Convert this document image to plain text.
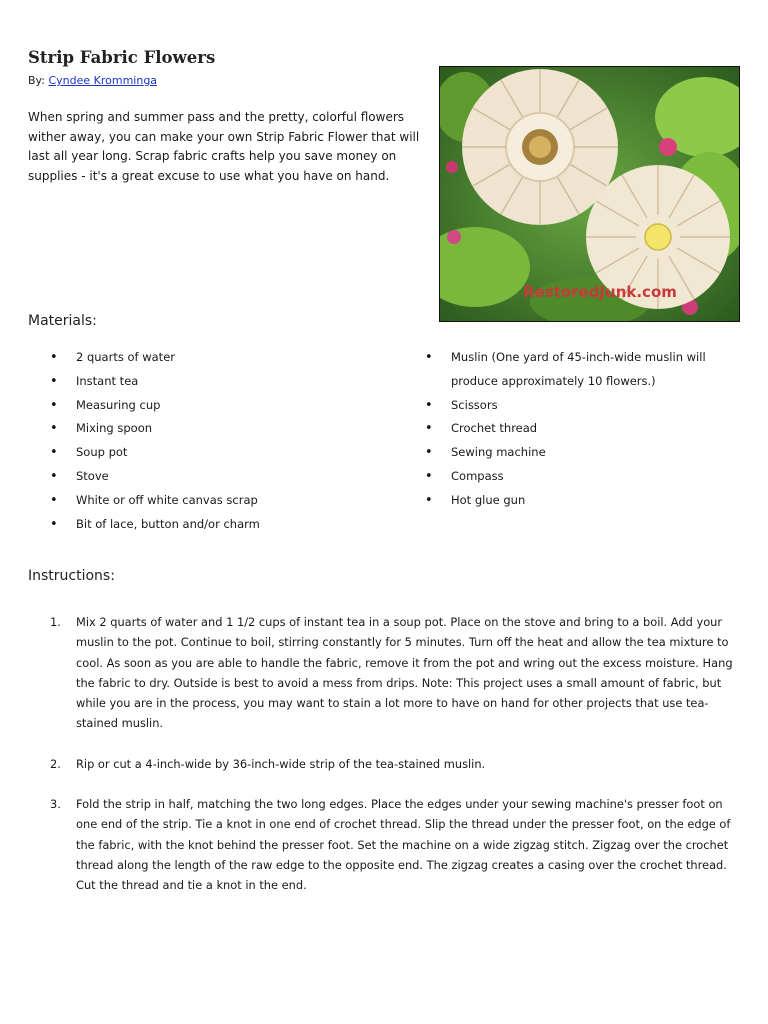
Strip Fabric Flowers
By: Cyndee Kromminga

When spring and summer pass and the pretty, colorful flowers wither away, you can make your own Strip Fabric Flower that will last all year long. Scrap fabric crafts help you save money on supplies - it's a great excuse to use what you have on hand.

RestoredJunk.com
Materials:
• 2 quarts of water
• Instant tea
• Measuring cup
• Mixing spoon
• Soup pot
• Stove
• White or off white canvas scrap
• Bit of lace, button and/or charm
• Muslin (One yard of 45-inch-wide muslin will produce approximately 10 flowers.)
• Scissors
• Crochet thread
• Sewing machine
• Compass
• Hot glue gun
Instructions:
1. Mix 2 quarts of water and 1 1/2 cups of instant tea in a soup pot. Place on the stove and bring to a boil. Add your muslin to the pot. Continue to boil, stirring constantly for 5 minutes. Turn off the heat and allow the tea mixture to cool. As soon as you are able to handle the fabric, remove it from the pot and wring out the excess moisture. Hang the fabric to dry. Outside is best to avoid a mess from drips. Note: This project uses a small amount of fabric, but while you are in the process, you may want to stain a lot more to have on hand for other projects that use tea-stained muslin.
2. Rip or cut a 4-inch-wide by 36-inch-wide strip of the tea-stained muslin.
3. Fold the strip in half, matching the two long edges. Place the edges under your sewing machine's presser foot on one end of the strip. Tie a knot in one end of crochet thread. Slip the thread under the presser foot, on the edge of the fabric, with the knot behind the presser foot. Set the machine on a wide zigzag stitch. Zigzag over the crochet thread along the length of the raw edge to the opposite end. The zigzag creates a casing over the crochet thread. Cut the thread and tie a knot in the end.
